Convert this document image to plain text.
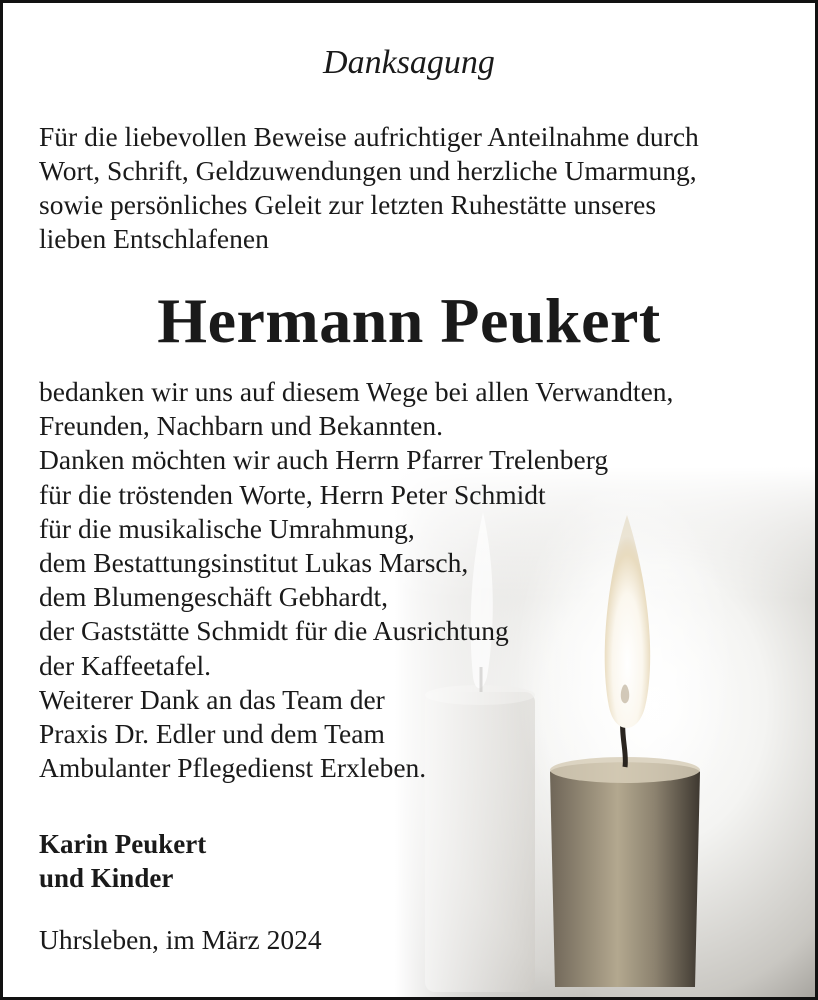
Danksagung
Für die liebevollen Beweise aufrichtiger Anteilnahme durch
Wort, Schrift, Geldzuwendungen und herzliche Umarmung,
sowie persönliches Geleit zur letzten Ruhestätte unseres
lieben Entschlafenen
Hermann Peukert
bedanken wir uns auf diesem Wege bei allen Verwandten,
Freunden, Nachbarn und Bekannten.
Danken möchten wir auch Herrn Pfarrer Trelenberg
für die tröstenden Worte, Herrn Peter Schmidt
für die musikalische Umrahmung,
dem Bestattungsinstitut Lukas Marsch,
dem Blumengeschäft Gebhardt,
der Gaststätte Schmidt für die Ausrichtung
der Kaffeetafel.
Weiterer Dank an das Team der
Praxis Dr. Edler und dem Team
Ambulanter Pflegedienst Erxleben.
Karin Peukert
und Kinder
Uhrsleben, im März 2024
